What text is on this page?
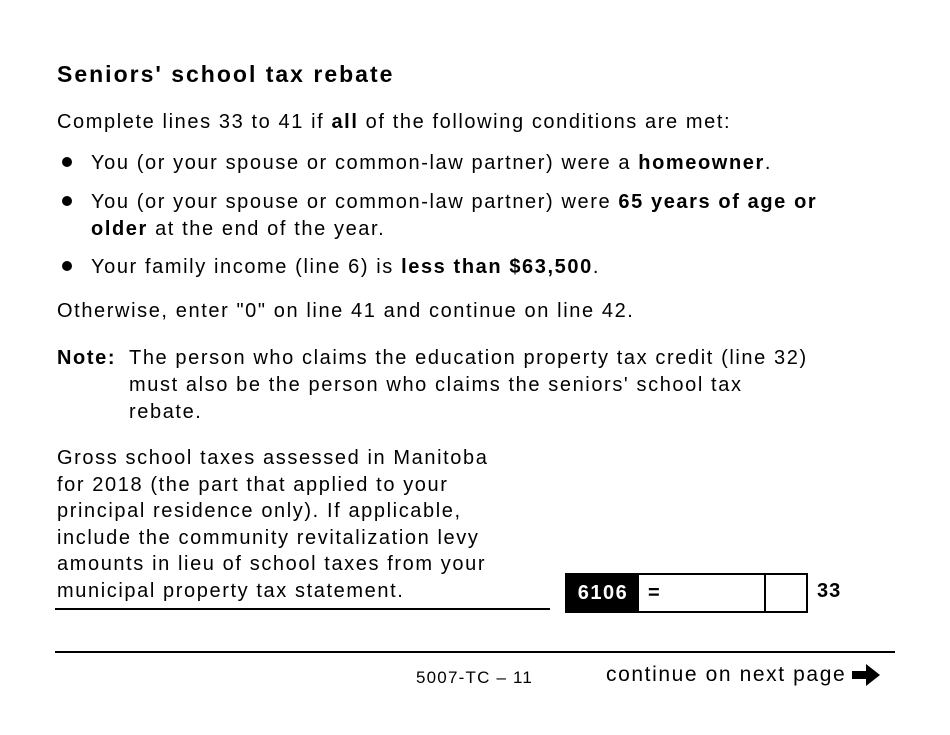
Seniors' school tax rebate
Complete lines 33 to 41 if all of the following conditions are met:
You (or your spouse or common-law partner) were a homeowner.
You (or your spouse or common-law partner) were 65 years of age or
older at the end of the year.
Your family income (line 6) is less than $63,500.
Otherwise, enter "0" on line 41 and continue on line 42.
Note: The person who claims the education property tax credit (line 32)
must also be the person who claims the seniors' school tax
rebate.
Gross school taxes assessed in Manitoba
for 2018 (the part that applied to your
principal residence only). If applicable,
include the community revitalization levy
amounts in lieu of school taxes from your
municipal property tax statement.	6106 =	33
5007-TC – 11	continue on next page
